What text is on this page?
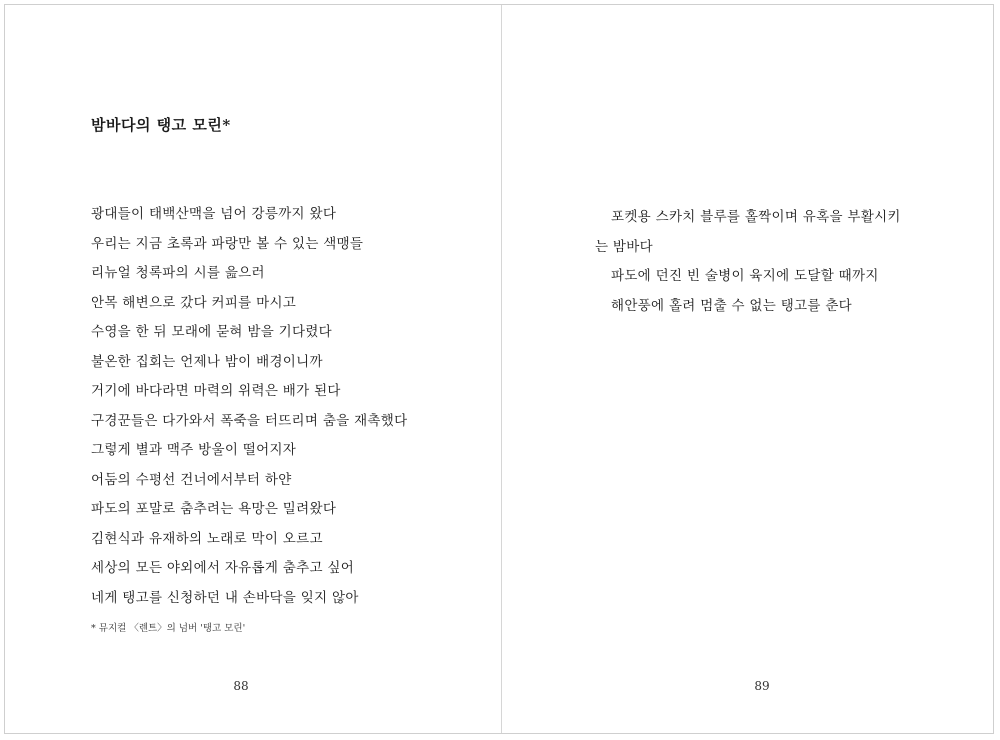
밤바다의 탱고 모린*
광대들이 태백산맥을 넘어 강릉까지 왔다
우리는 지금 초록과 파랑만 볼 수 있는 색맹들
리뉴얼 청록파의 시를 읊으러
안목 해변으로 갔다 커피를 마시고
수영을 한 뒤 모래에 묻혀 밤을 기다렸다
불온한 집회는 언제나 밤이 배경이니까
거기에 바다라면 마력의 위력은 배가 된다
구경꾼들은 다가와서 폭죽을 터뜨리며 춤을 재촉했다
그렇게 별과 맥주 방울이 떨어지자
어둠의 수평선 건너에서부터 하얀
파도의 포말로 춤추려는 욕망은 밀려왔다
김현식과 유재하의 노래로 막이 오르고
세상의 모든 야외에서 자유롭게 춤추고 싶어
네게 탱고를 신청하던 내 손바닥을 잊지 않아

* 뮤지컬 〈렌트〉의 넘버 '탱고 모린'

88
포켓용 스카치 블루를 홀짝이며 유혹을 부활시키
는 밤바다
파도에 던진 빈 술병이 육지에 도달할 때까지
해안풍에 홀려 멈출 수 없는 탱고를 춘다
89
